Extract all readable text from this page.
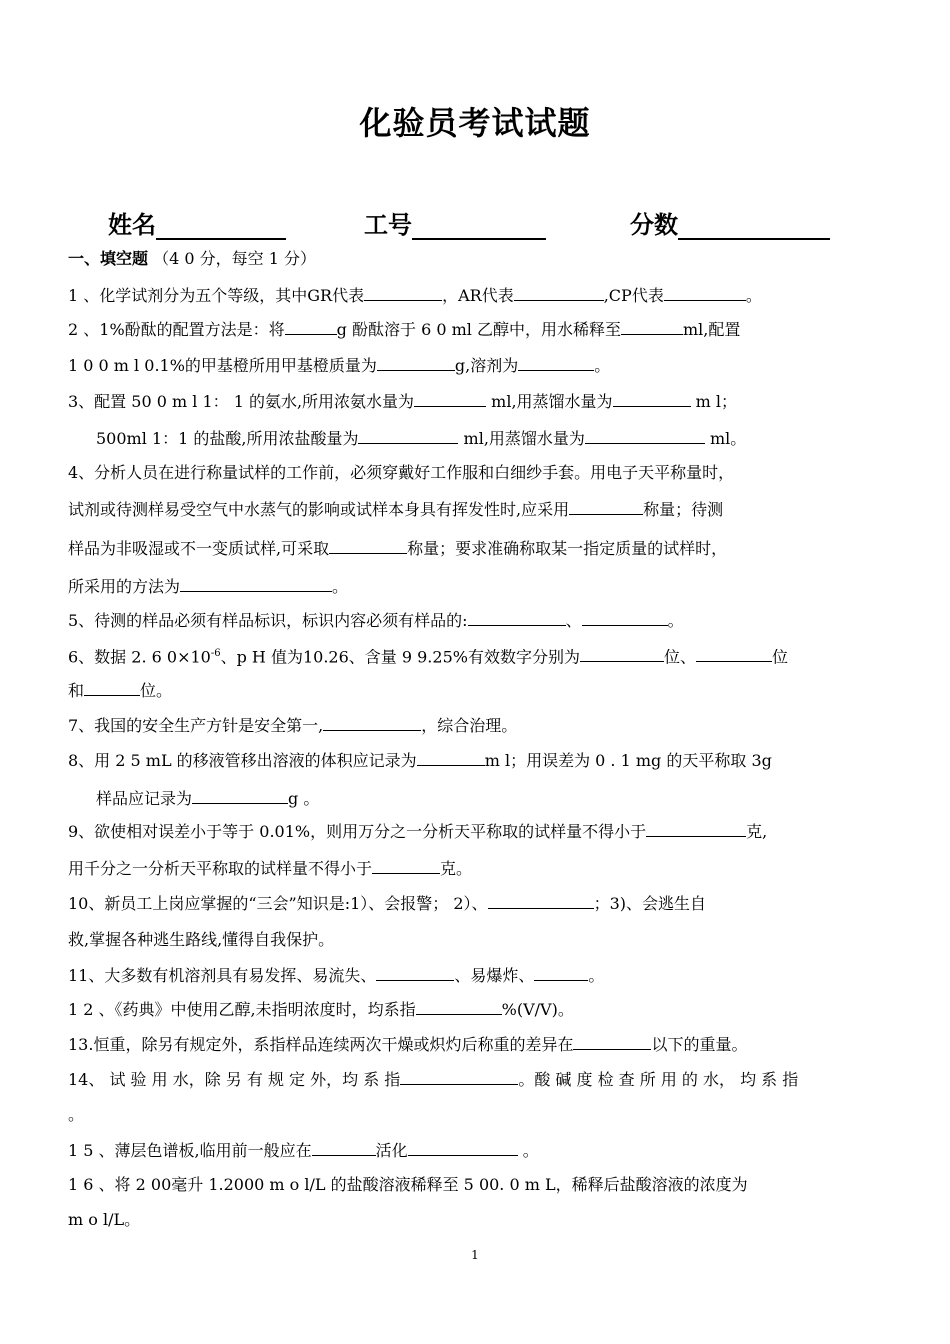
化验员考试试题
姓名	工号	分数
一、填空题 （4 0 分，每空 1 分）
1 、化学试剂分为五个等级，其中GR代表	，AR代表	,CP代表	。
2 、1%酚酞的配置方法是：将	g 酚酞溶于 6 0 ml 乙醇中，用水稀释至	ml,配置
1 0 0 m l 0.1%的甲基橙所用甲基橙质量为	g,溶剂为	。
3、配置 50 0 m l 1： 1 的氨水,所用浓氨水量为	ml,用蒸馏水量为	m l；
500ml 1：1 的盐酸,所用浓盐酸量为	ml,用蒸馏水量为	ml。
4、分析人员在进行称量试样的工作前，必须穿戴好工作服和白细纱手套。用电子天平称量时，
试剂或待测样易受空气中水蒸气的影响或试样本身具有挥发性时,应采用	称量；待测
样品为非吸湿或不一变质试样,可采取	称量；要求准确称取某一指定质量的试样时，
所采用的方法为	。
5、待测的样品必须有样品标识，标识内容必须有样品的:	、	。
6、数据 2. 6 $0\times 10^{-6}$、p H 值为10.26、含量 9 9.25%有效数字分别为	位、	位
和	位。
7、我国的安全生产方针是安全第一,	，综合治理。
8、用 2 5 mL 的移液管移出溶液的体积应记录为	m l；用误差为 0 . 1 mg 的天平称取 3g
样品应记录为	g 。
9、欲使相对误差小于等于 0.01%，则用万分之一分析天平称取的试样量不得小于	克,
用千分之一分析天平称取的试样量不得小于	克。
10、新员工上岗应掌握的“三会”知识是:1）、会报警； 2）、	；3)、会逃生自
救,掌握各种逃生路线,懂得自我保护。
11、大多数有机溶剂具有易发挥、易流失、	、易爆炸、	。
1 2 、《药典》中使用乙醇,未指明浓度时，均系指	%(V/V)。
13.恒重，除另有规定外，系指样品连续两次干燥或炽灼后称重的差异在	以下的重量。
14、 试 验 用 水，除 另 有 规 定 外，均 系 指	。酸 碱 度 检 查 所 用 的 水， 均 系 指
。
1 5 、薄层色谱板,临用前一般应在	活化	。
1 6 、将 2 00毫升 1.2000 m o l/L 的盐酸溶液稀释至 5 00. 0 m L，稀释后盐酸溶液的浓度为
m o l/L。
1
